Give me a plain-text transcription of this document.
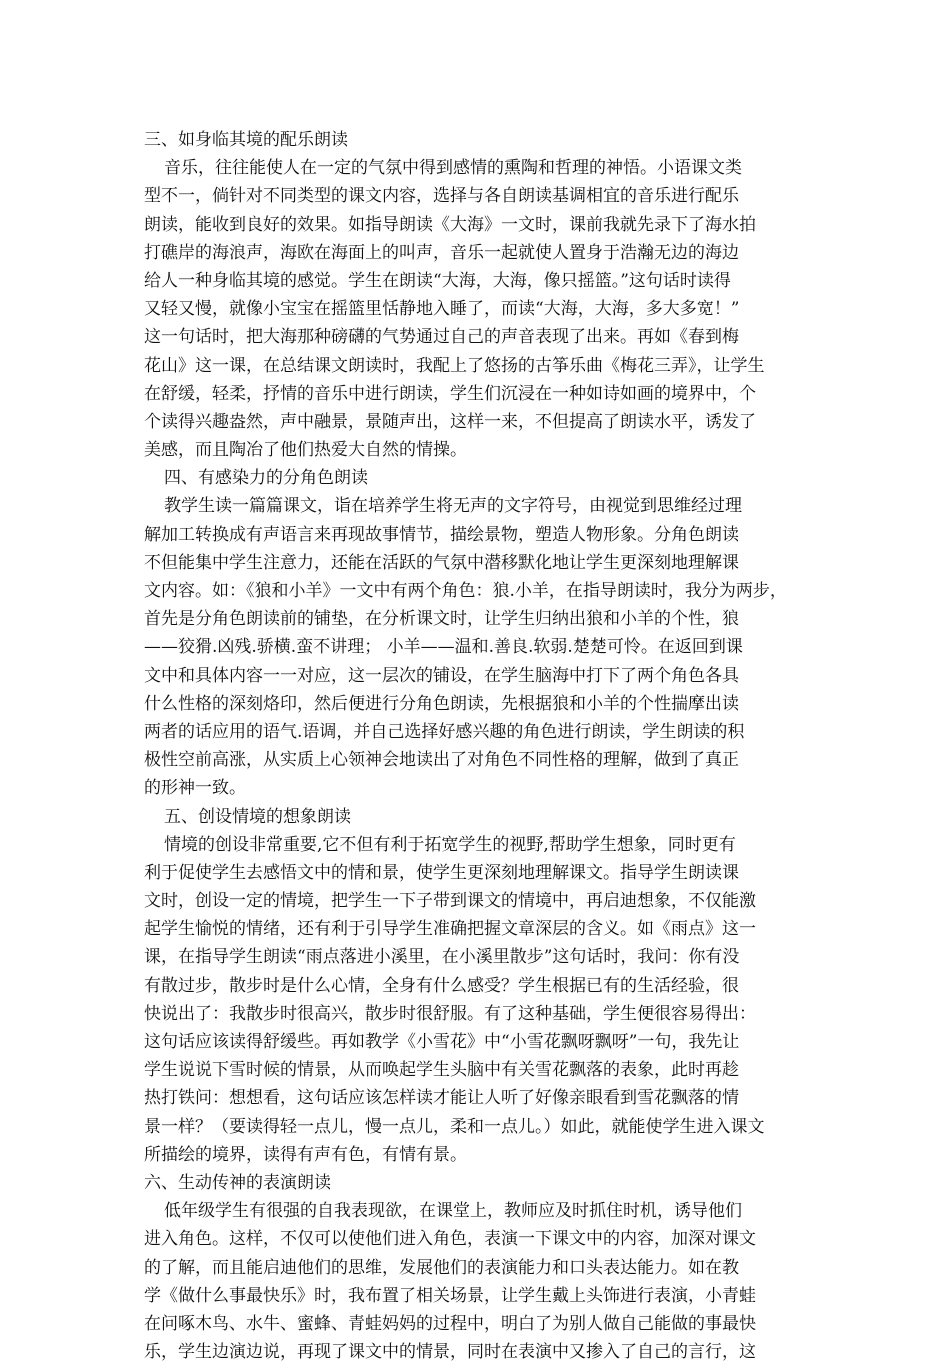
三、如身临其境的配乐朗读
音乐，往往能使人在一定的气氛中得到感情的熏陶和哲理的神悟。小语课文类
型不一，倘针对不同类型的课文内容，选择与各自朗读基调相宜的音乐进行配乐
朗读，能收到良好的效果。如指导朗读《大海》一文时，课前我就先录下了海水拍
打礁岸的海浪声，海欧在海面上的叫声，音乐一起就使人置身于浩瀚无边的海边
给人一种身临其境的感觉。学生在朗读“大海，大海，像只摇篮。”这句话时读得
又轻又慢，就像小宝宝在摇篮里恬静地入睡了，而读“大海，大海，多大多宽！”
这一句话时，把大海那种磅礴的气势通过自己的声音表现了出来。再如《春到梅
花山》这一课，在总结课文朗读时，我配上了悠扬的古筝乐曲《梅花三弄》，让学生
在舒缓，轻柔，抒情的音乐中进行朗读，学生们沉浸在一种如诗如画的境界中，个
个读得兴趣盎然，声中融景，景随声出，这样一来，不但提高了朗读水平，诱发了
美感，而且陶冶了他们热爱大自然的情操。
四、有感染力的分角色朗读
教学生读一篇篇课文，诣在培养学生将无声的文字符号，由视觉到思维经过理
解加工转换成有声语言来再现故事情节，描绘景物，塑造人物形象。分角色朗读
不但能集中学生注意力，还能在活跃的气氛中潜移默化地让学生更深刻地理解课
文内容。如：《狼和小羊》一文中有两个角色：狼.小羊，在指导朗读时，我分为两步，
首先是分角色朗读前的铺垫，在分析课文时，让学生归纳出狼和小羊的个性，狼
——狡猾.凶残.骄横.蛮不讲理； 小羊——温和.善良.软弱.楚楚可怜。在返回到课
文中和具体内容一一对应，这一层次的铺设，在学生脑海中打下了两个角色各具
什么性格的深刻烙印，然后便进行分角色朗读，先根据狼和小羊的个性揣摩出读
两者的话应用的语气.语调，并自己选择好感兴趣的角色进行朗读，学生朗读的积
极性空前高涨，从实质上心领神会地读出了对角色不同性格的理解，做到了真正
的形神一致。
五、创设情境的想象朗读
情境的创设非常重要,它不但有利于拓宽学生的视野,帮助学生想象，同时更有
利于促使学生去感悟文中的情和景，使学生更深刻地理解课文。指导学生朗读课
文时，创设一定的情境，把学生一下子带到课文的情境中，再启迪想象，不仅能激
起学生愉悦的情绪，还有利于引导学生准确把握文章深层的含义。如《雨点》这一
课，在指导学生朗读“雨点落进小溪里，在小溪里散步”这句话时，我问：你有没
有散过步，散步时是什么心情，全身有什么感受？学生根据已有的生活经验，很
快说出了：我散步时很高兴，散步时很舒服。有了这种基础，学生便很容易得出：
这句话应该读得舒缓些。再如教学《小雪花》中“小雪花飘呀飘呀”一句，我先让
学生说说下雪时候的情景，从而唤起学生头脑中有关雪花飘落的表象，此时再趁
热打铁问：想想看，这句话应该怎样读才能让人听了好像亲眼看到雪花飘落的情
景一样？（要读得轻一点儿，慢一点儿，柔和一点儿。）如此，就能使学生进入课文
所描绘的境界，读得有声有色，有情有景。
六、生动传神的表演朗读
低年级学生有很强的自我表现欲，在课堂上，教师应及时抓住时机，诱导他们
进入角色。这样，不仅可以使他们进入角色，表演一下课文中的内容，加深对课文
的了解，而且能启迪他们的思维，发展他们的表演能力和口头表达能力。如在教
学《做什么事最快乐》时，我布置了相关场景，让学生戴上头饰进行表演，小青蛙
在问啄木鸟、水牛、蜜蜂、青蛙妈妈的过程中，明白了为别人做自己能做的事最快
乐，学生边演边说，再现了课文中的情景，同时在表演中又掺入了自己的言行，这
